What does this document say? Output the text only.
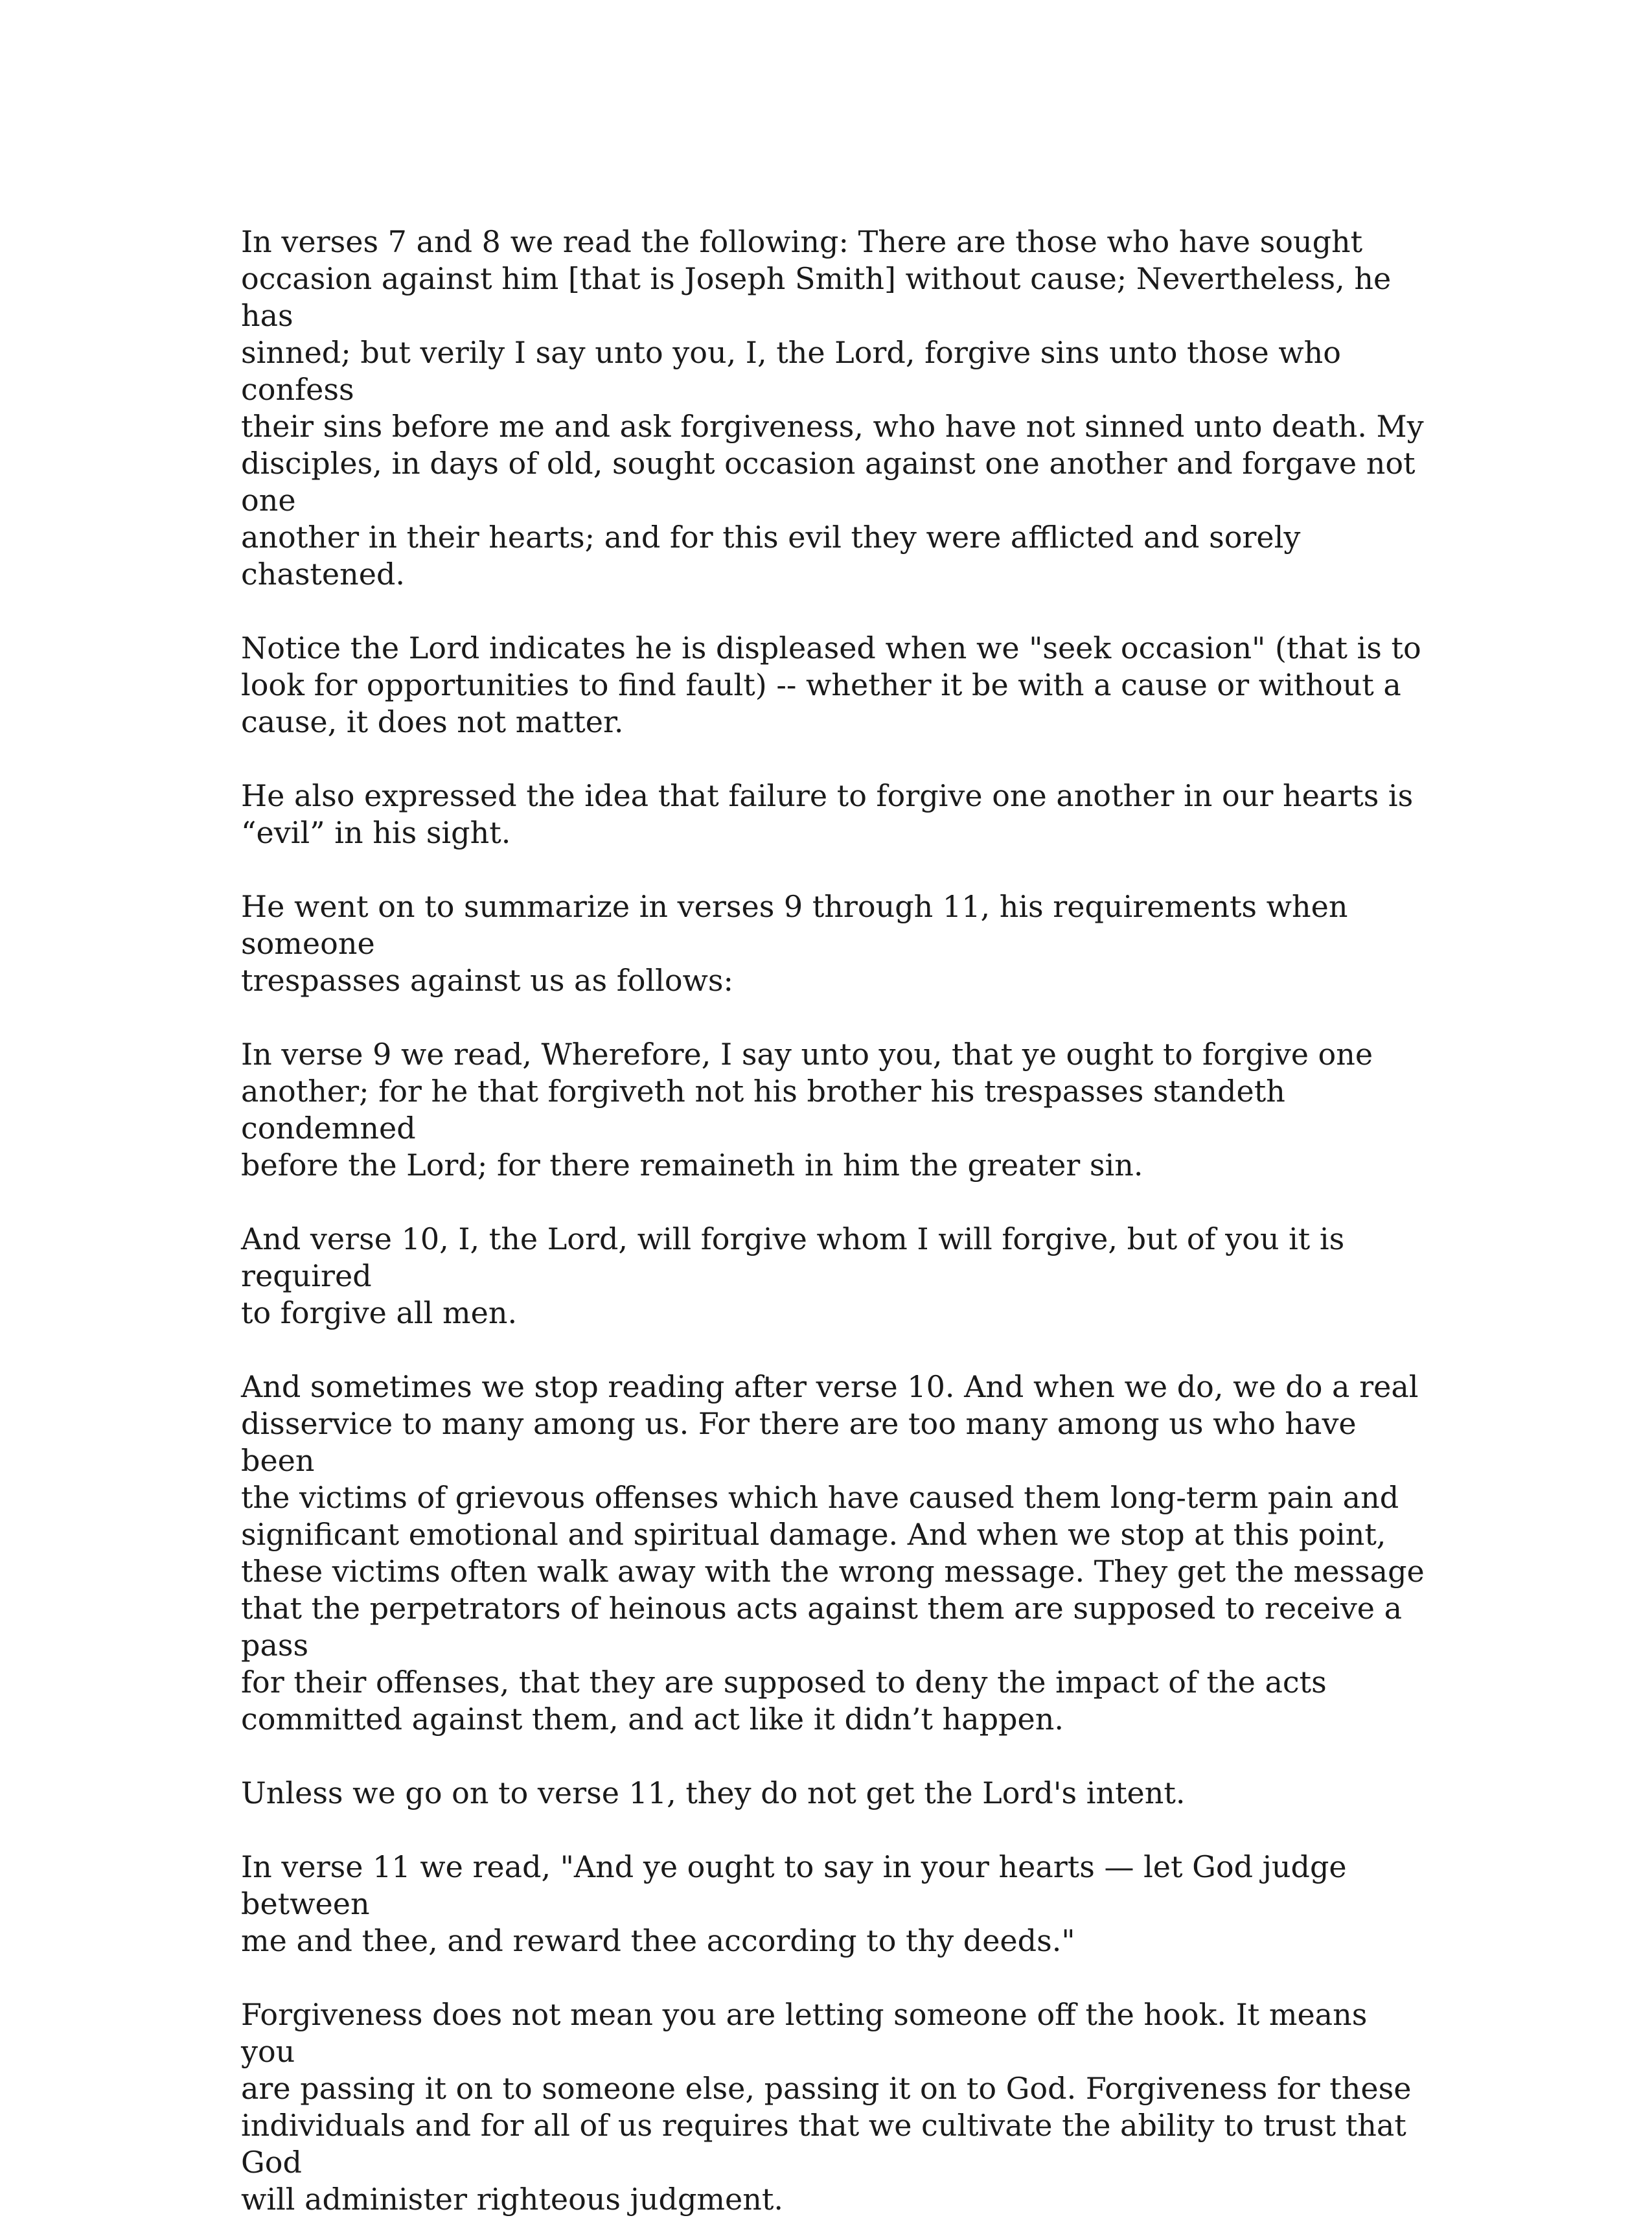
In verses 7 and 8 we read the following: There are those who have sought
occasion against him [that is Joseph Smith] without cause; Nevertheless, he has
sinned; but verily I say unto you, I, the Lord, forgive sins unto those who confess
their sins before me and ask forgiveness, who have not sinned unto death. My
disciples, in days of old, sought occasion against one another and forgave not one
another in their hearts; and for this evil they were afflicted and sorely chastened.

Notice the Lord indicates he is displeased when we "seek occasion" (that is to
look for opportunities to find fault) -- whether it be with a cause or without a
cause, it does not matter.

He also expressed the idea that failure to forgive one another in our hearts is
“evil” in his sight.

He went on to summarize in verses 9 through 11, his requirements when someone
trespasses against us as follows:

In verse 9 we read, Wherefore, I say unto you, that ye ought to forgive one
another; for he that forgiveth not his brother his trespasses standeth condemned
before the Lord; for there remaineth in him the greater sin.

And verse 10, I, the Lord, will forgive whom I will forgive, but of you it is required
to forgive all men.

And sometimes we stop reading after verse 10. And when we do, we do a real
disservice to many among us. For there are too many among us who have been
the victims of grievous offenses which have caused them long-term pain and
significant emotional and spiritual damage. And when we stop at this point,
these victims often walk away with the wrong message. They get the message
that the perpetrators of heinous acts against them are supposed to receive a pass
for their offenses, that they are supposed to deny the impact of the acts
committed against them, and act like it didn’t happen.

Unless we go on to verse 11, they do not get the Lord's intent.

In verse 11 we read, "And ye ought to say in your hearts — let God judge between
me and thee, and reward thee according to thy deeds."

Forgiveness does not mean you are letting someone off the hook. It means you
are passing it on to someone else, passing it on to God. Forgiveness for these
individuals and for all of us requires that we cultivate the ability to trust that God
will administer righteous judgment.
